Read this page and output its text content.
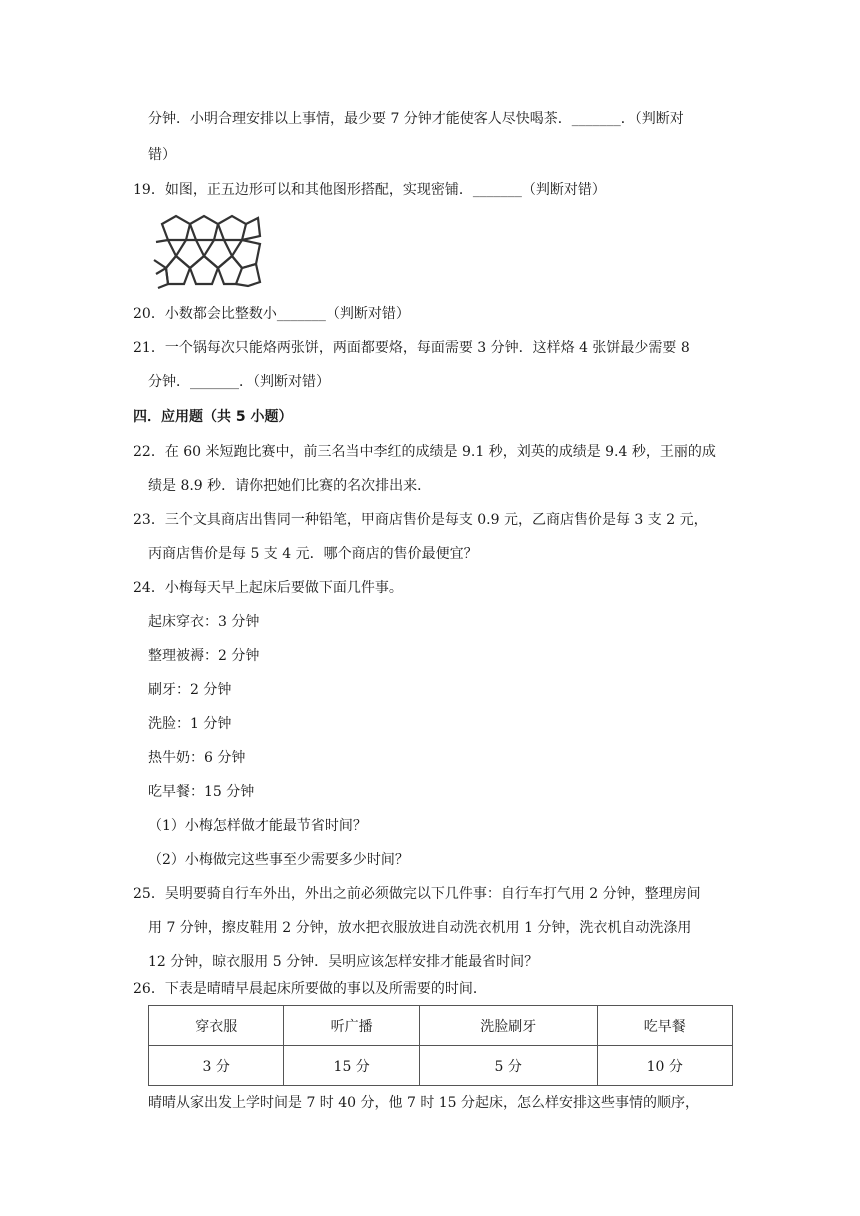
分钟．小明合理安排以上事情，最少要 7 分钟才能使客人尽快喝茶．_______．（判断对
错）
19．如图，正五边形可以和其他图形搭配，实现密铺．_______（判断对错）
20．小数都会比整数小_______（判断对错）
21．一个锅每次只能烙两张饼，两面都要烙，每面需要 3 分钟．这样烙 4 张饼最少需要 8
分钟．_______．（判断对错）
四．应用题（共 5 小题）
22．在 60 米短跑比赛中，前三名当中李红的成绩是 9.1 秒，刘英的成绩是 9.4 秒，王丽的成
绩是 8.9 秒．请你把她们比赛的名次排出来．
23．三个文具商店出售同一种铅笔，甲商店售价是每支 0.9 元，乙商店售价是每 3 支 2 元，
丙商店售价是每 5 支 4 元．哪个商店的售价最便宜？
24．小梅每天早上起床后要做下面几件事。
起床穿衣：3 分钟
整理被褥：2 分钟
刷牙：2 分钟
洗脸：1 分钟
热牛奶：6 分钟
吃早餐：15 分钟
（1）小梅怎样做才能最节省时间？
（2）小梅做完这些事至少需要多少时间？
25．吴明要骑自行车外出，外出之前必须做完以下几件事：自行车打气用 2 分钟，整理房间
用 7 分钟，擦皮鞋用 2 分钟，放水把衣服放进自动洗衣机用 1 分钟，洗衣机自动洗涤用
12 分钟，晾衣服用 5 分钟．吴明应该怎样安排才能最省时间？
26．下表是晴晴早晨起床所要做的事以及所需要的时间．
穿衣服	听广播	洗脸刷牙	吃早餐
3 分	15 分	5 分	10 分
晴晴从家出发上学时间是 7 时 40 分，他 7 时 15 分起床，怎么样安排这些事情的顺序，
